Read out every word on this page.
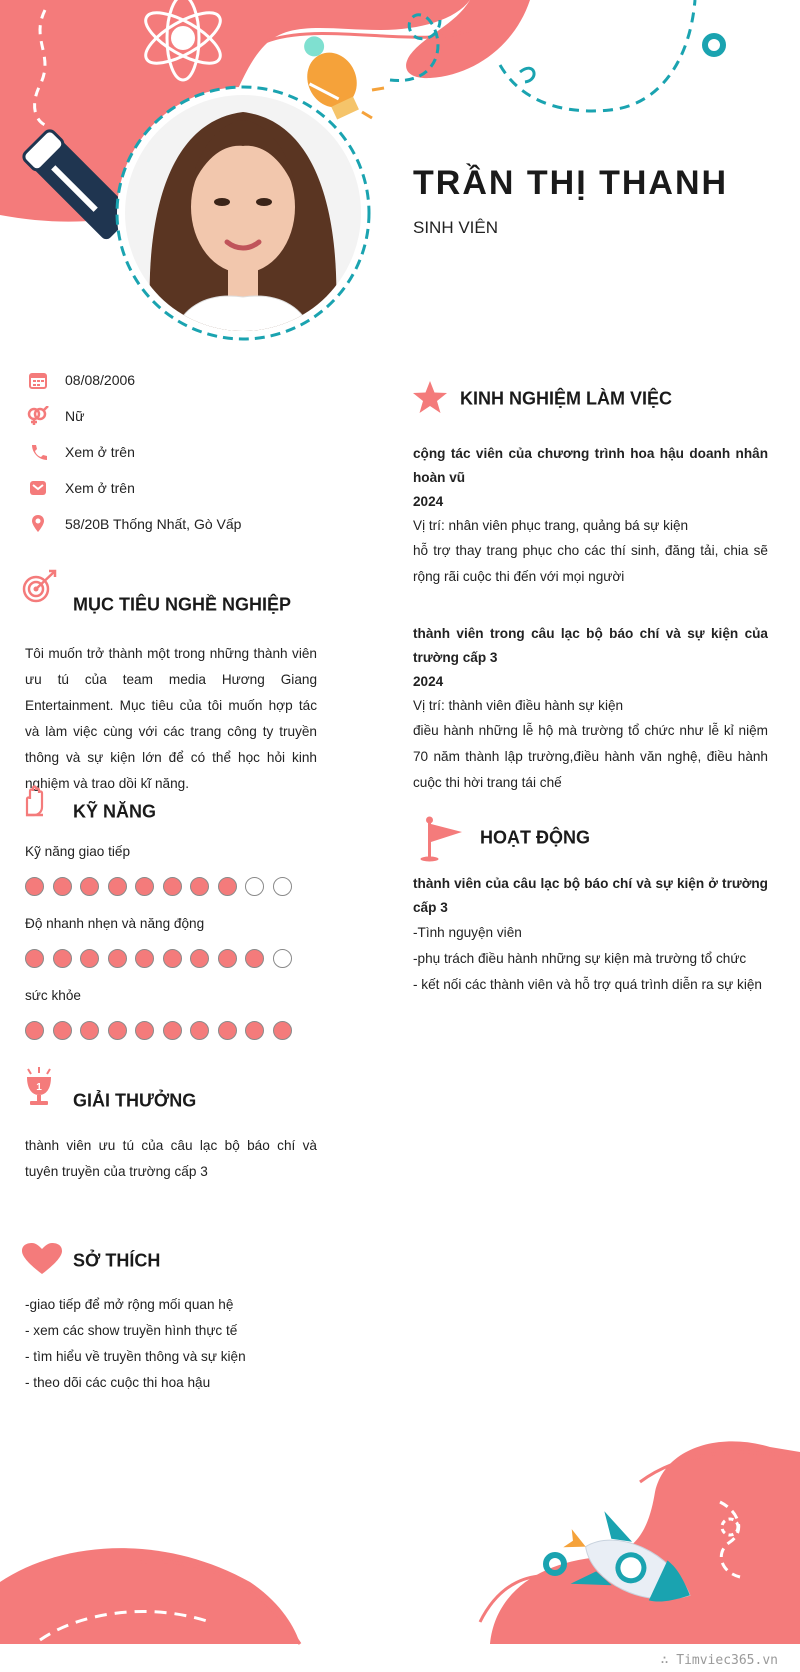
TRẦN THỊ THANH
SINH VIÊN
08/08/2006
Nữ
Xem ở trên
Xem ở trên
58/20B Thống Nhất, Gò Vấp
MỤC TIÊU NGHỀ NGHIỆP
Tôi muốn trở thành một trong những thành viên ưu tú của team media Hương Giang Entertainment. Mục tiêu của tôi muốn hợp tác và làm việc cùng với các trang công ty truyền thông và sự kiện lớn để có thể học hỏi kinh nghiệm và trao dồi kĩ năng.
KỸ NĂNG
Kỹ năng giao tiếp
Độ nhanh nhẹn và năng động
sức khỏe
1
GIẢI THƯỞNG
thành viên ưu tú của câu lạc bộ báo chí và tuyên truyền của trường cấp 3
SỞ THÍCH
-giao tiếp để mở rộng mối quan hệ
- xem các show truyền hình thực tế
- tìm hiểu về truyền thông và sự kiện
- theo dõi các cuộc thi hoa hậu
KINH NGHIỆM LÀM VIỆC
cộng tác viên của chương trình hoa hậu doanh nhân hoàn vũ
2024
Vị trí: nhân viên phục trang, quảng bá sự kiện
hỗ trợ thay trang phục cho các thí sinh, đăng tải, chia sẽ rộng rãi cuộc thi đến với mọi người
thành viên trong câu lạc bộ báo chí và sự kiện của trường cấp 3
2024
Vị trí: thành viên điều hành sự kiện
điều hành những lễ hộ mà trường tổ chức như lễ kỉ niệm 70 năm thành lập trường,điều hành văn nghệ, điều hành cuộc thi hời trang tái chế
HOẠT ĐỘNG
thành viên của câu lạc bộ báo chí và sự kiện ở trường cấp 3
-Tình nguyện viên
-phụ trách điều hành những sự kiện mà trường tổ chức
- kết nối các thành viên và hỗ trợ quá trình diễn ra sự kiện
∴ Timviec365.vn
